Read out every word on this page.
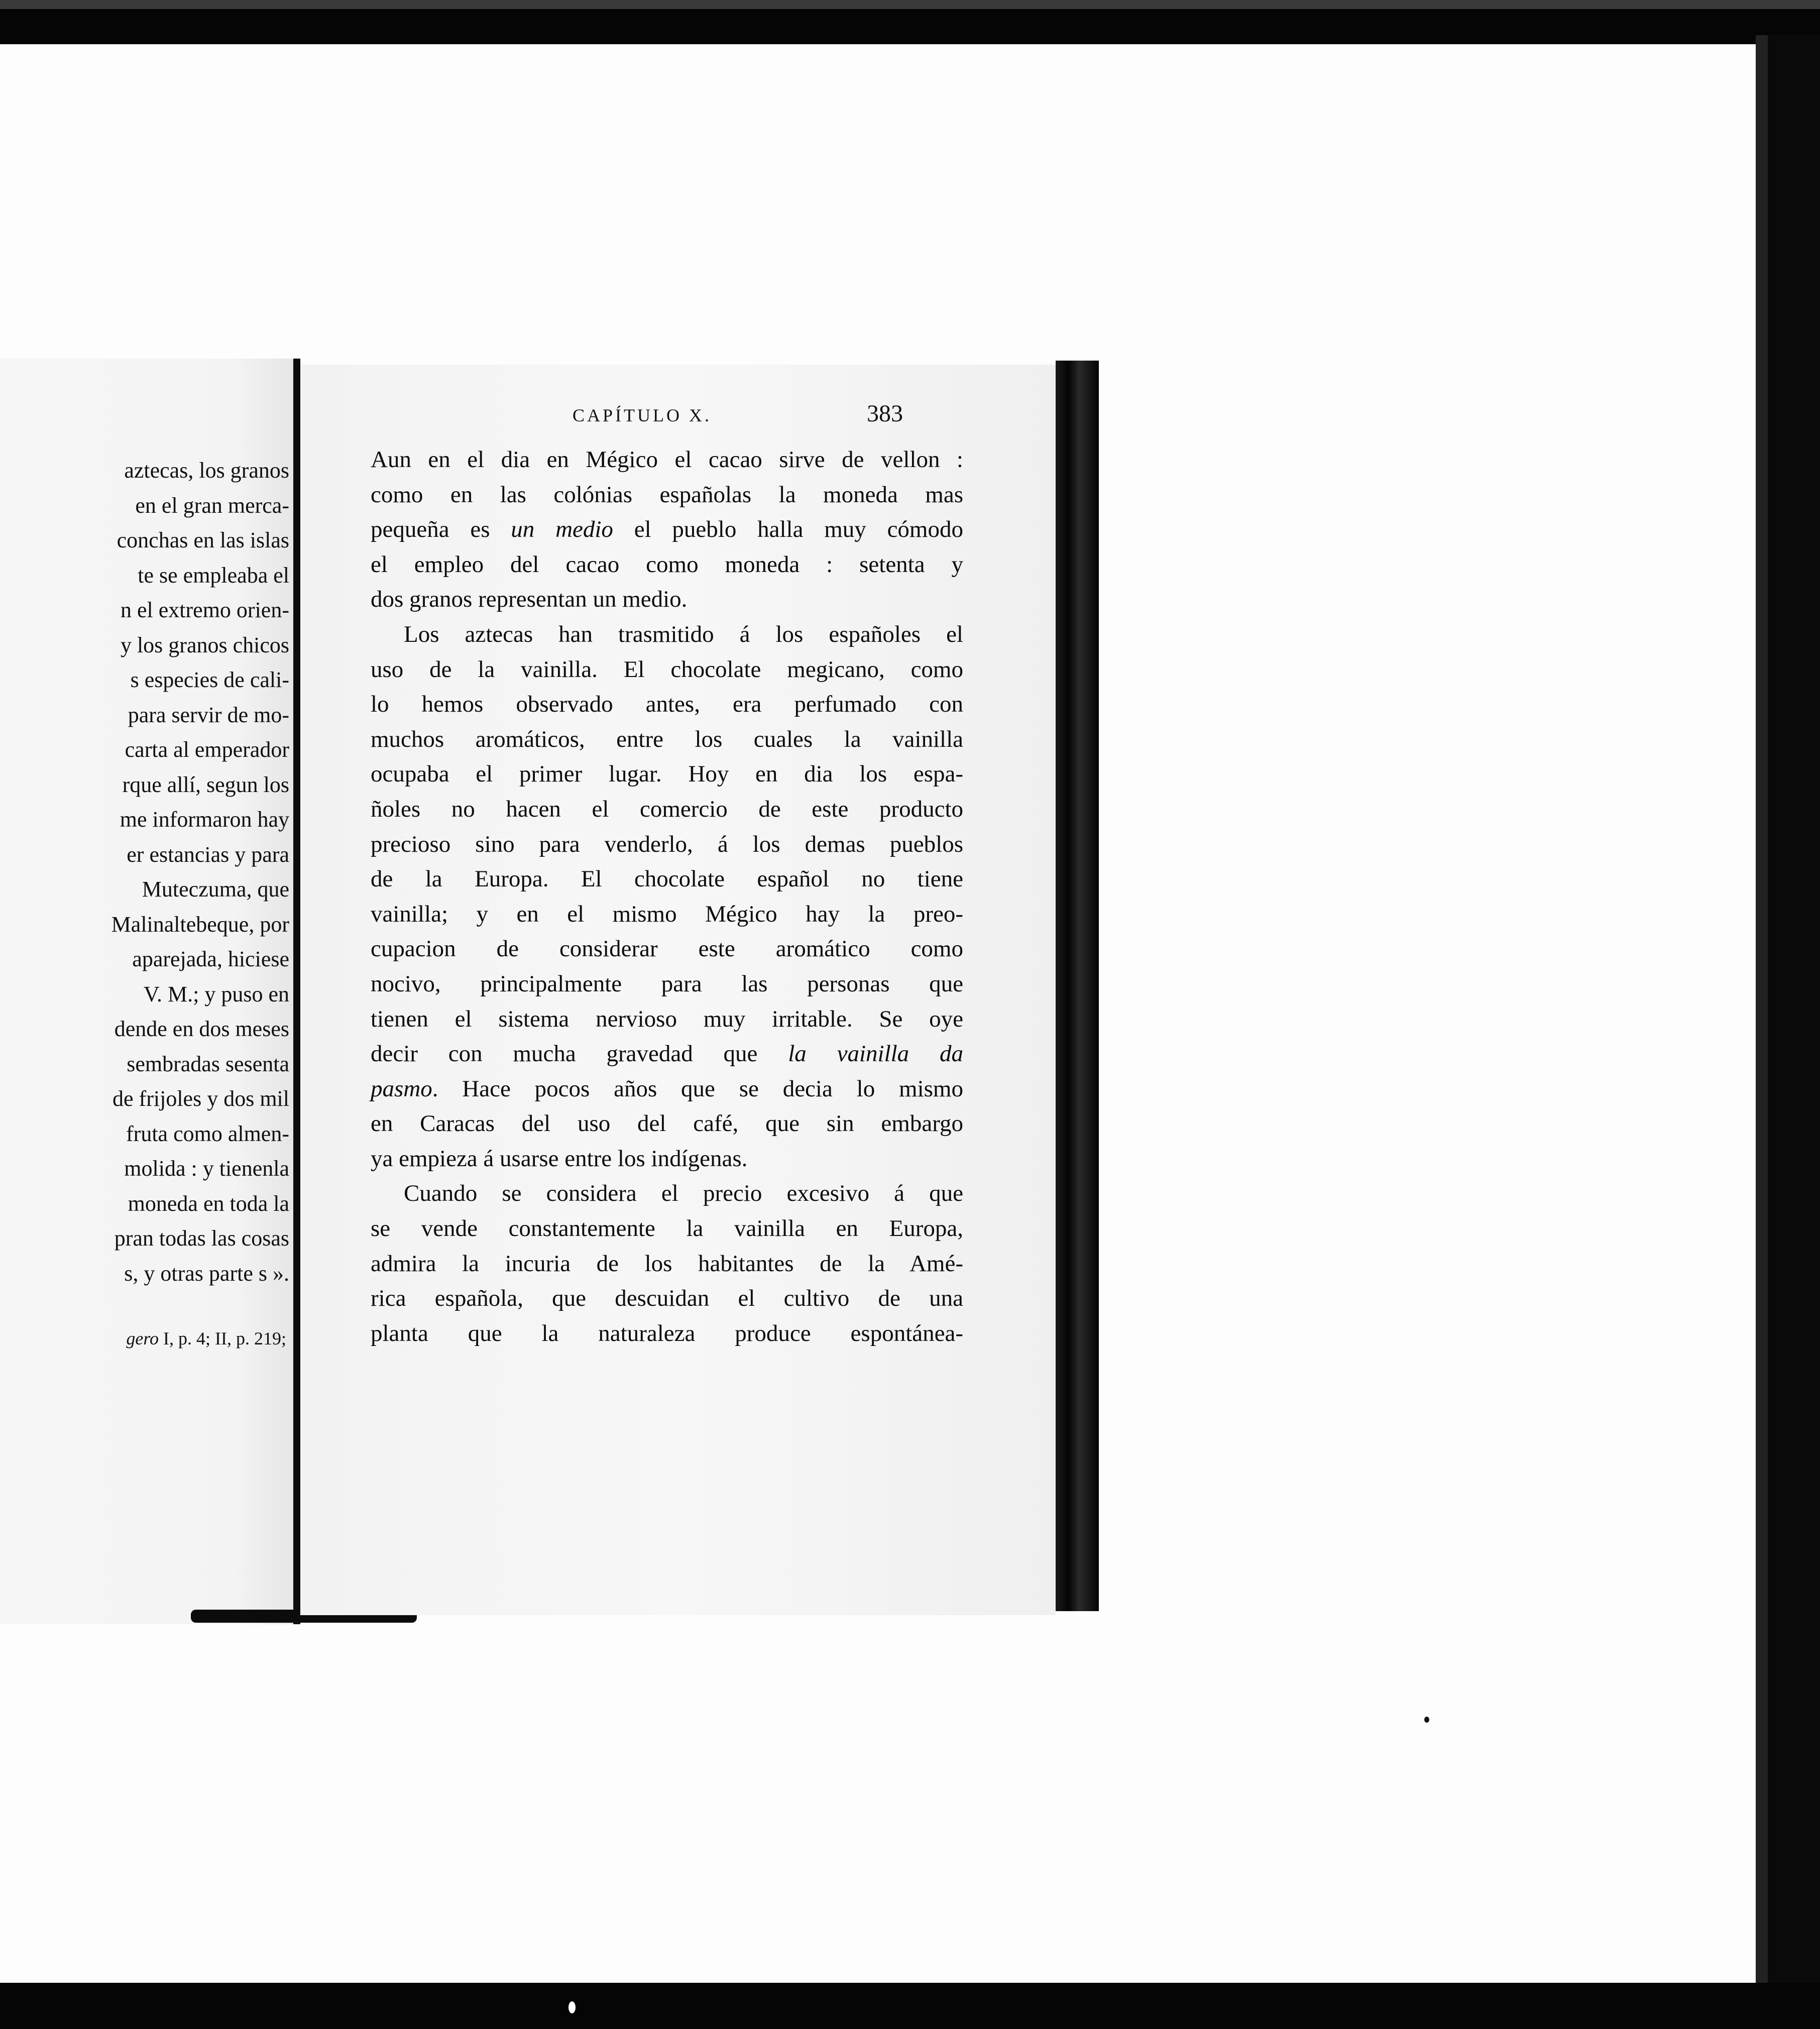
aztecas, los granos
en el gran merca-
conchas en las islas
te se empleaba el
n el extremo orien-
y los granos chicos
s especies de cali-
para servir de mo-
carta al emperador
rque allí, segun los
me informaron hay
er estancias y para
Muteczuma, que
Malinaltebeque, por
aparejada, hiciese
V. M.; y puso en
dende en dos meses
sembradas sesenta
de frijoles y dos mil
fruta como almen-
molida : y tienenla
moneda en toda la
pran todas las cosas
s, y otras parte s ».
gero I, p. 4; II, p. 219;
CAPÍTULO X.	383
Aun en el dia en Mégico el cacao sirve de vellon :
como en las colónias españolas la moneda mas
pequeña es un medio el pueblo halla muy cómodo
el empleo del cacao como moneda : setenta y
dos granos representan un medio.
Los aztecas han trasmitido á los españoles el
uso de la vainilla. El chocolate megicano, como
lo hemos observado antes, era perfumado con
muchos aromáticos, entre los cuales la vainilla
ocupaba el primer lugar. Hoy en dia los espa-
ñoles no hacen el comercio de este producto
precioso sino para venderlo, á los demas pueblos
de la Europa. El chocolate español no tiene
vainilla; y en el mismo Mégico hay la preo-
cupacion de considerar este aromático como
nocivo, principalmente para las personas que
tienen el sistema nervioso muy irritable. Se oye
decir con mucha gravedad que la vainilla da
pasmo. Hace pocos años que se decia lo mismo
en Caracas del uso del café, que sin embargo
ya empieza á usarse entre los indígenas.
Cuando se considera el precio excesivo á que
se vende constantemente la vainilla en Europa,
admira la incuria de los habitantes de la Amé-
rica española, que descuidan el cultivo de una
planta que la naturaleza produce espontánea-
